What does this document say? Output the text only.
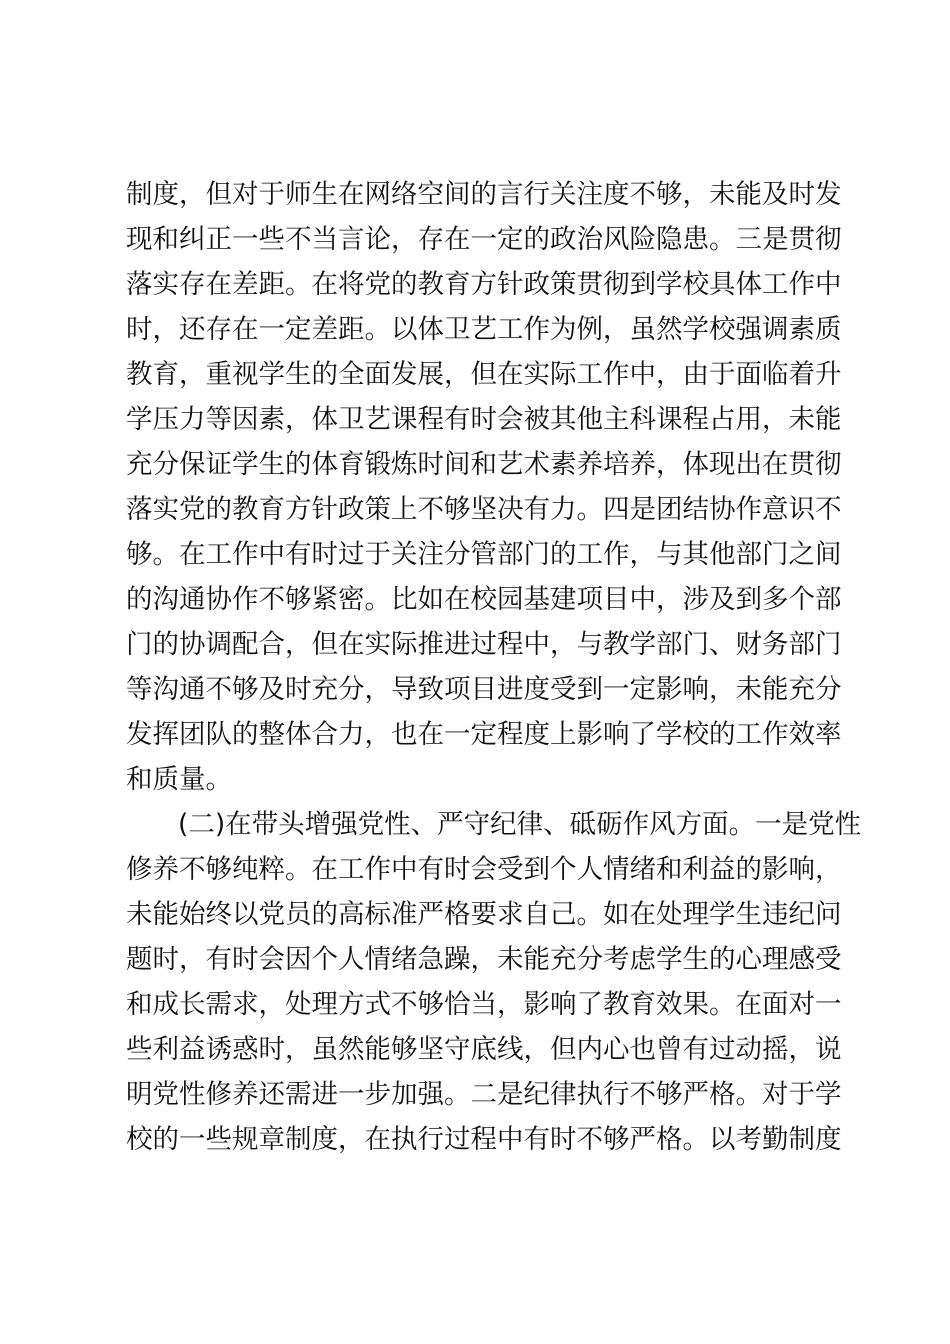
制度，但对于师生在网络空间的言行关注度不够，未能及时发
现和纠正一些不当言论，存在一定的政治风险隐患。三是贯彻
落实存在差距。在将党的教育方针政策贯彻到学校具体工作中
时，还存在一定差距。以体卫艺工作为例，虽然学校强调素质
教育，重视学生的全面发展，但在实际工作中，由于面临着升
学压力等因素，体卫艺课程有时会被其他主科课程占用，未能
充分保证学生的体育锻炼时间和艺术素养培养，体现出在贯彻
落实党的教育方针政策上不够坚决有力。四是团结协作意识不
够。在工作中有时过于关注分管部门的工作，与其他部门之间
的沟通协作不够紧密。比如在校园基建项目中，涉及到多个部
门的协调配合，但在实际推进过程中，与教学部门、财务部门
等沟通不够及时充分，导致项目进度受到一定影响，未能充分
发挥团队的整体合力，也在一定程度上影响了学校的工作效率
和质量。
(二)在带头增强党性、严守纪律、砥砺作风方面。一是党性
修养不够纯粹。在工作中有时会受到个人情绪和利益的影响，
未能始终以党员的高标准严格要求自己。如在处理学生违纪问
题时，有时会因个人情绪急躁，未能充分考虑学生的心理感受
和成长需求，处理方式不够恰当，影响了教育效果。在面对一
些利益诱惑时，虽然能够坚守底线，但内心也曾有过动摇，说
明党性修养还需进一步加强。二是纪律执行不够严格。对于学
校的一些规章制度，在执行过程中有时不够严格。以考勤制度
